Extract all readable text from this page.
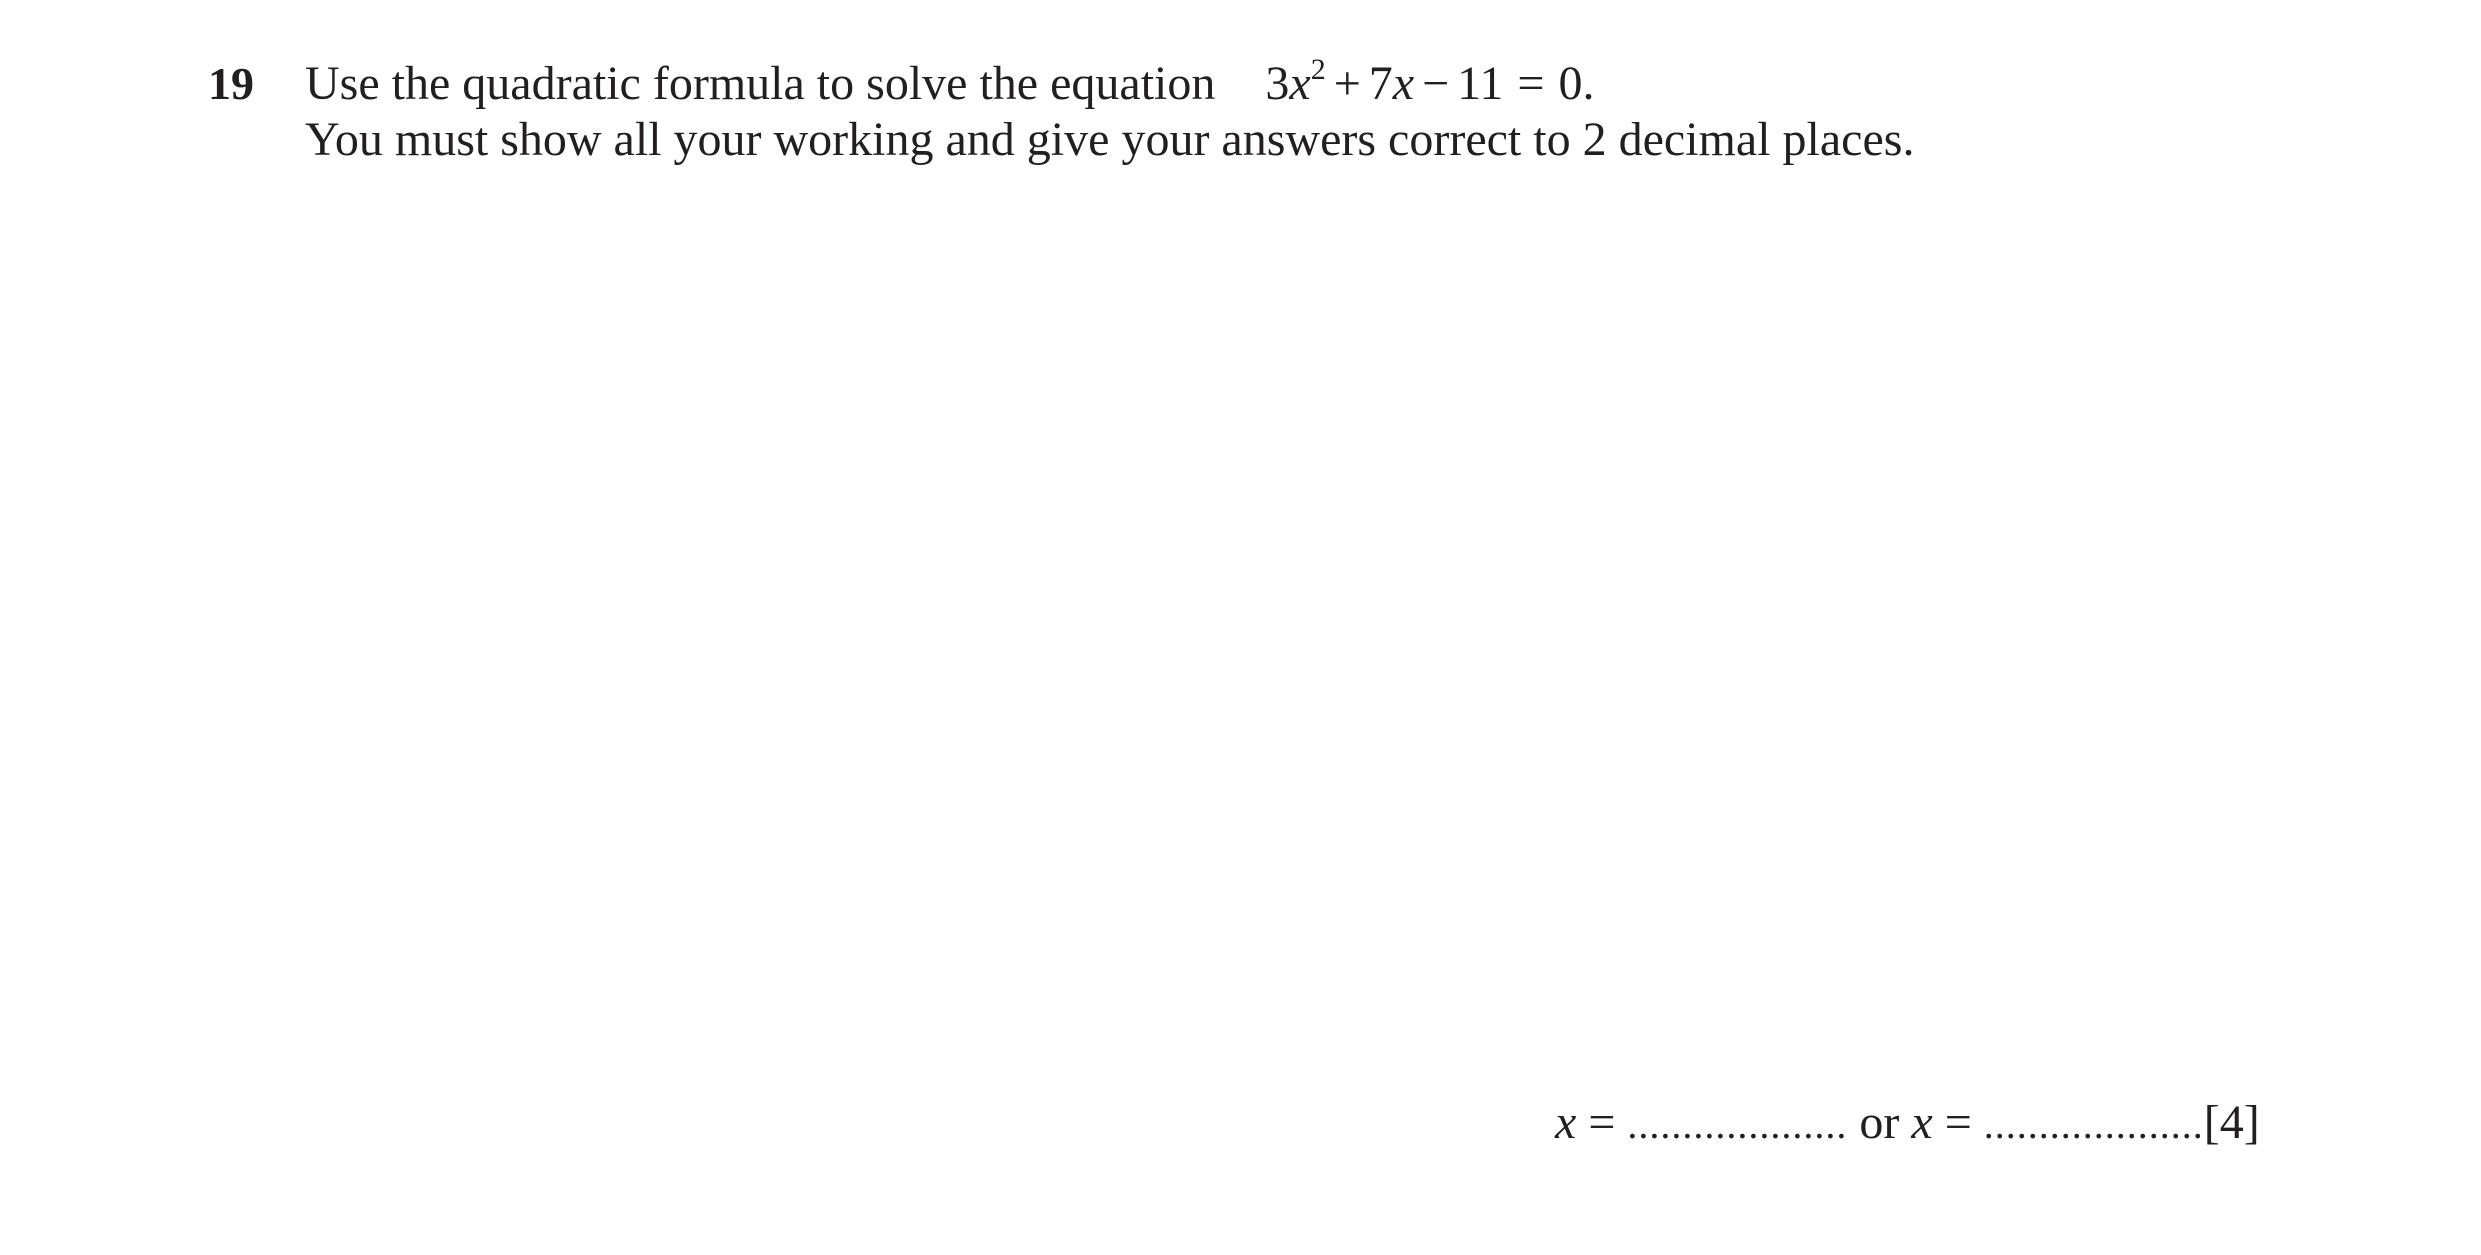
19 Use the quadratic formula to solve the equation $3x^2 + 7x - 11 = 0$.
You must show all your working and give your answers correct to 2 decimal places.
x = .................... or x = ....................[4]
